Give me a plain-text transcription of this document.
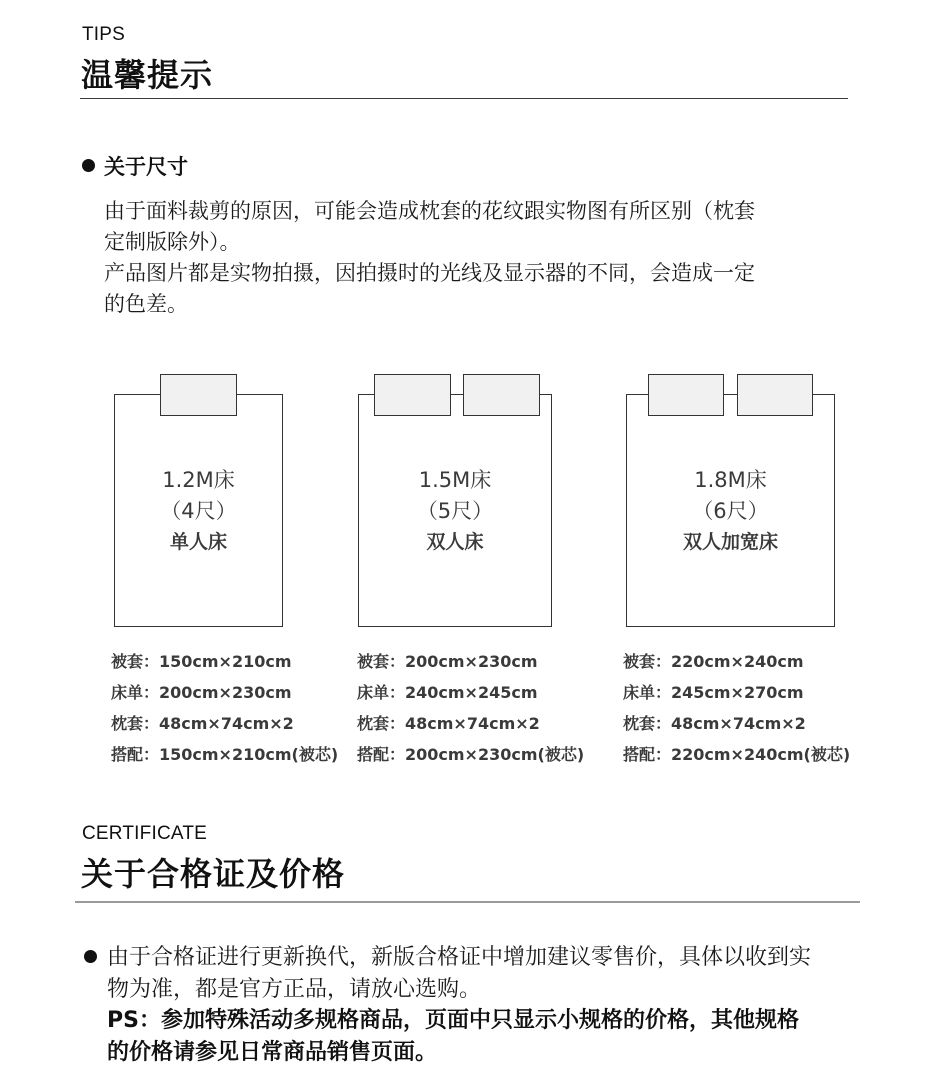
TIPS
温馨提示
关于尺寸
由于面料裁剪的原因，可能会造成枕套的花纹跟实物图有所区别（枕套
定制版除外）。
产品图片都是实物拍摄，因拍摄时的光线及显示器的不同，会造成一定
的色差。
1.2M床
（4尺）
单人床
1.5M床
（5尺）
双人床
1.8M床
（6尺）
双人加宽床
被套：150cm×210cm
床单：200cm×230cm
枕套：48cm×74cm×2
搭配：150cm×210cm(被芯)
被套：200cm×230cm
床单：240cm×245cm
枕套：48cm×74cm×2
搭配：200cm×230cm(被芯)
被套：220cm×240cm
床单：245cm×270cm
枕套：48cm×74cm×2
搭配：220cm×240cm(被芯)
CERTIFICATE
关于合格证及价格
由于合格证进行更新换代，新版合格证中增加建议零售价，具体以收到实
物为准，都是官方正品，请放心选购。
PS：参加特殊活动多规格商品，页面中只显示小规格的价格，其他规格
的价格请参见日常商品销售页面。
